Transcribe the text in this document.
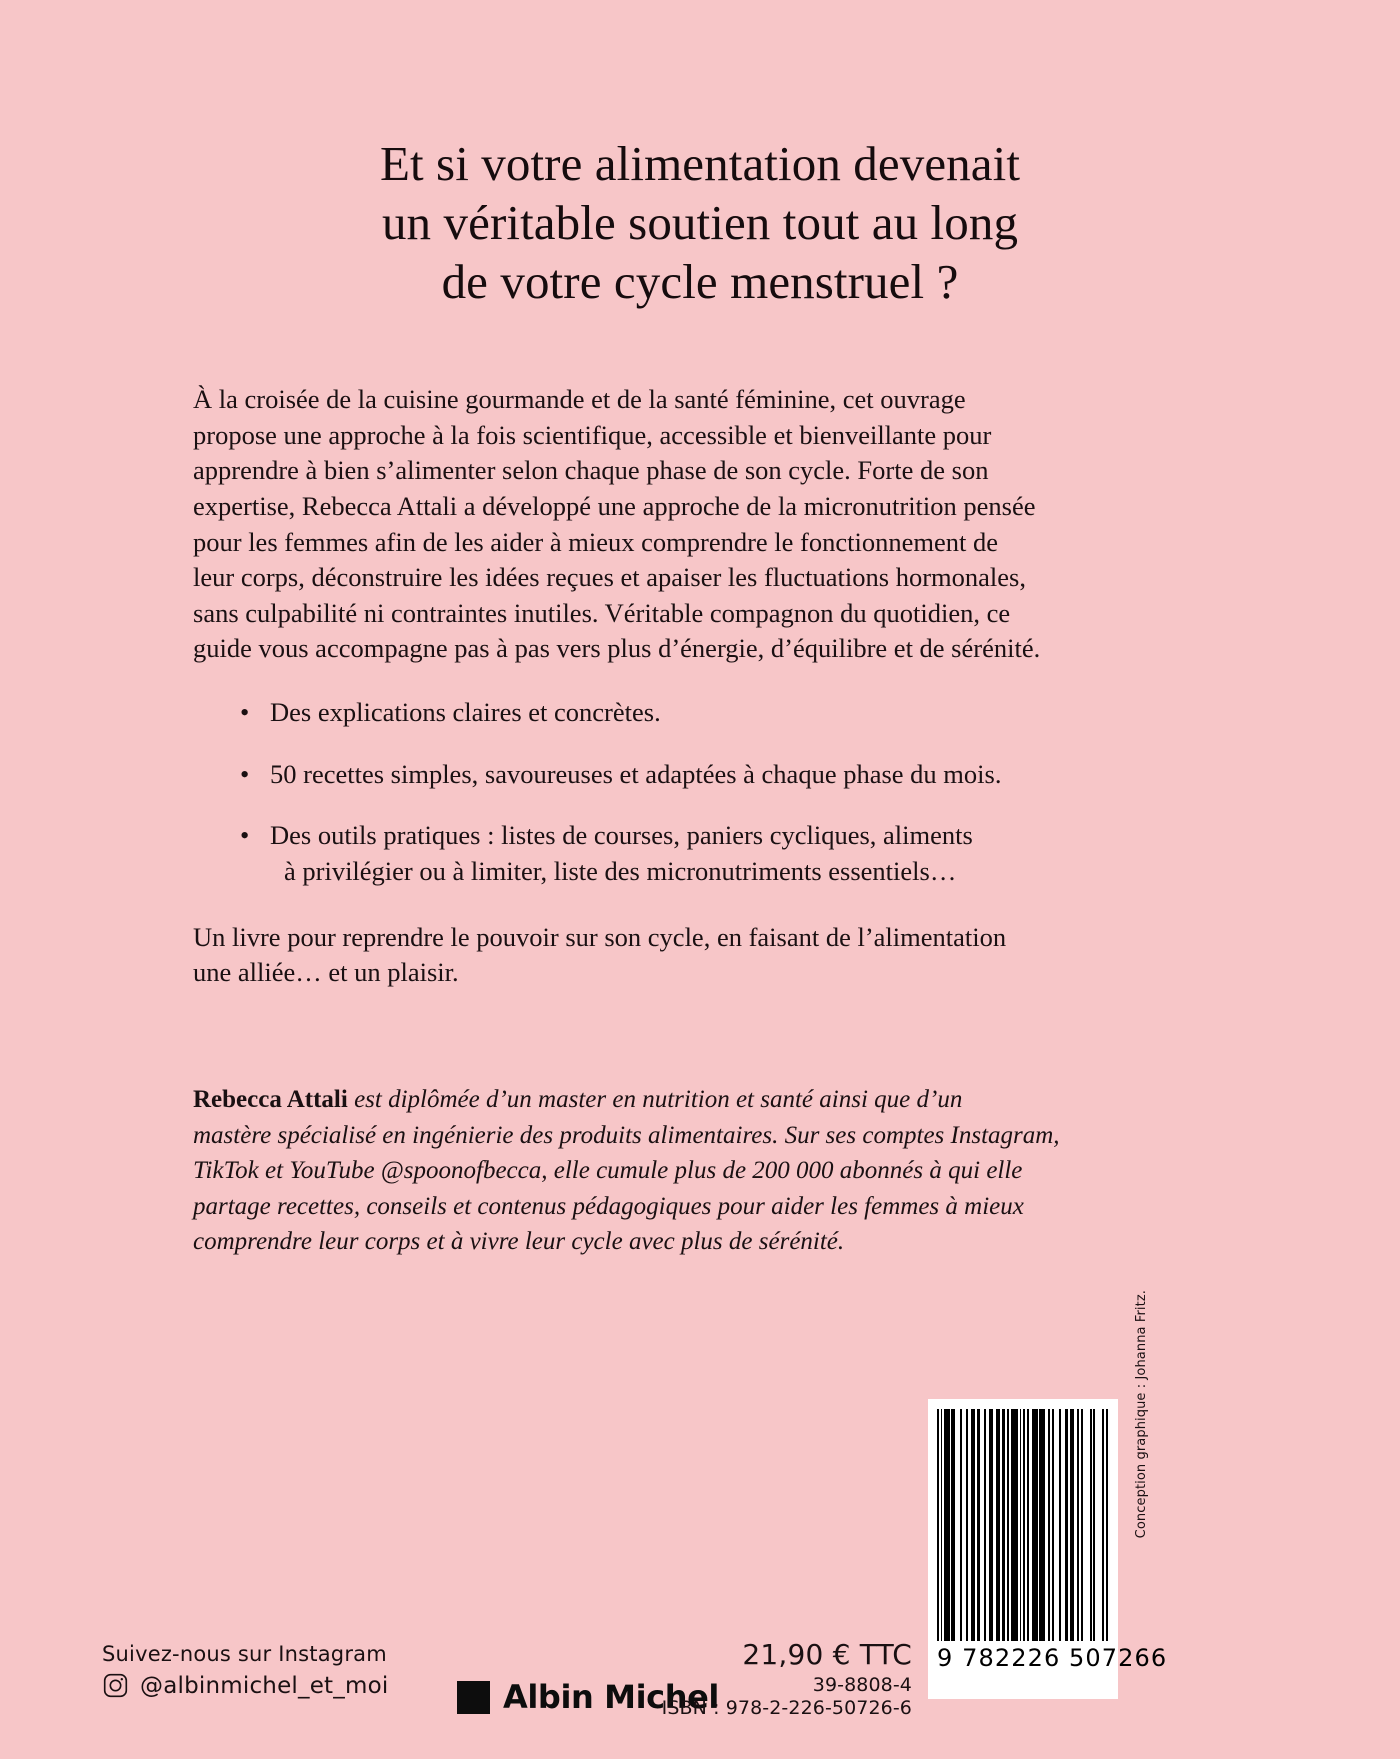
Et si votre alimentation devenait
un véritable soutien tout au long
de votre cycle menstruel ?
À la croisée de la cuisine gourmande et de la santé féminine, cet ouvrage
propose une approche à la fois scientifique, accessible et bienveillante pour
apprendre à bien s’alimenter selon chaque phase de son cycle. Forte de son
expertise, Rebecca Attali a développé une approche de la micronutrition pensée
pour les femmes afin de les aider à mieux comprendre le fonctionnement de
leur corps, déconstruire les idées reçues et apaiser les fluctuations hormonales,
sans culpabilité ni contraintes inutiles. Véritable compagnon du quotidien, ce
guide vous accompagne pas à pas vers plus d’énergie, d’équilibre et de sérénité.
• Des explications claires et concrètes.
• 50 recettes simples, savoureuses et adaptées à chaque phase du mois.
• Des outils pratiques : listes de courses, paniers cycliques, aliments
à privilégier ou à limiter, liste des micronutriments essentiels…
Un livre pour reprendre le pouvoir sur son cycle, en faisant de l’alimentation
une alliée… et un plaisir.
Rebecca Attali est diplômée d’un master en nutrition et santé ainsi que d’un
mastère spécialisé en ingénierie des produits alimentaires. Sur ses comptes Instagram,
TikTok et YouTube @spoonofbecca, elle cumule plus de 200 000 abonnés à qui elle
partage recettes, conseils et contenus pédagogiques pour aider les femmes à mieux
comprendre leur corps et à vivre leur cycle avec plus de sérénité.
Suivez-nous sur Instagram
@albinmichel_et_moi	Albin Michel
21,90 € TTC
39-8808-4
ISBN : 978-2-226-50726-6
9 782226 507266
Conception graphique : Johanna Fritz.
